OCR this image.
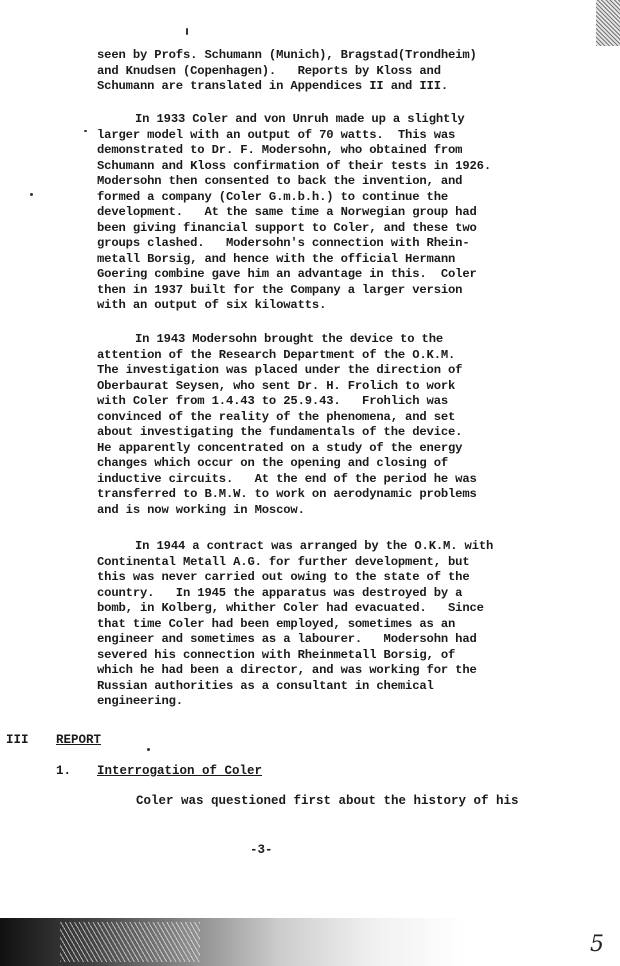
seen by Profs. Schumann (Munich), Bragstad(Trondheim)
and Knudsen (Copenhagen).   Reports by Kloss and
Schumann are translated in Appendices II and III.
In 1933 Coler and von Unruh made up a slightly
larger model with an output of 70 watts.  This was
demonstrated to Dr. F. Modersohn, who obtained from
Schumann and Kloss confirmation of their tests in 1926.
Modersohn then consented to back the invention, and
formed a company (Coler G.m.b.h.) to continue the
development.   At the same time a Norwegian group had
been giving financial support to Coler, and these two
groups clashed.   Modersohn's connection with Rhein-
metall Borsig, and hence with the official Hermann
Goering combine gave him an advantage in this.  Coler
then in 1937 built for the Company a larger version
with an output of six kilowatts.
In 1943 Modersohn brought the device to the
attention of the Research Department of the O.K.M.
The investigation was placed under the direction of
Oberbaurat Seysen, who sent Dr. H. Frolich to work
with Coler from 1.4.43 to 25.9.43.   Frohlich was
convinced of the reality of the phenomena, and set
about investigating the fundamentals of the device.
He apparently concentrated on a study of the energy
changes which occur on the opening and closing of
inductive circuits.   At the end of the period he was
transferred to B.M.W. to work on aerodynamic problems
and is now working in Moscow.
In 1944 a contract was arranged by the O.K.M. with
Continental Metall A.G. for further development, but
this was never carried out owing to the state of the
country.   In 1945 the apparatus was destroyed by a
bomb, in Kolberg, whither Coler had evacuated.   Since
that time Coler had been employed, sometimes as an
engineer and sometimes as a labourer.   Modersohn had
severed his connection with Rheinmetall Borsig, of
which he had been a director, and was working for the
Russian authorities as a consultant in chemical
engineering.
III REPORT
1. Interrogation of Coler
Coler was questioned first about the history of his
-3-
5
